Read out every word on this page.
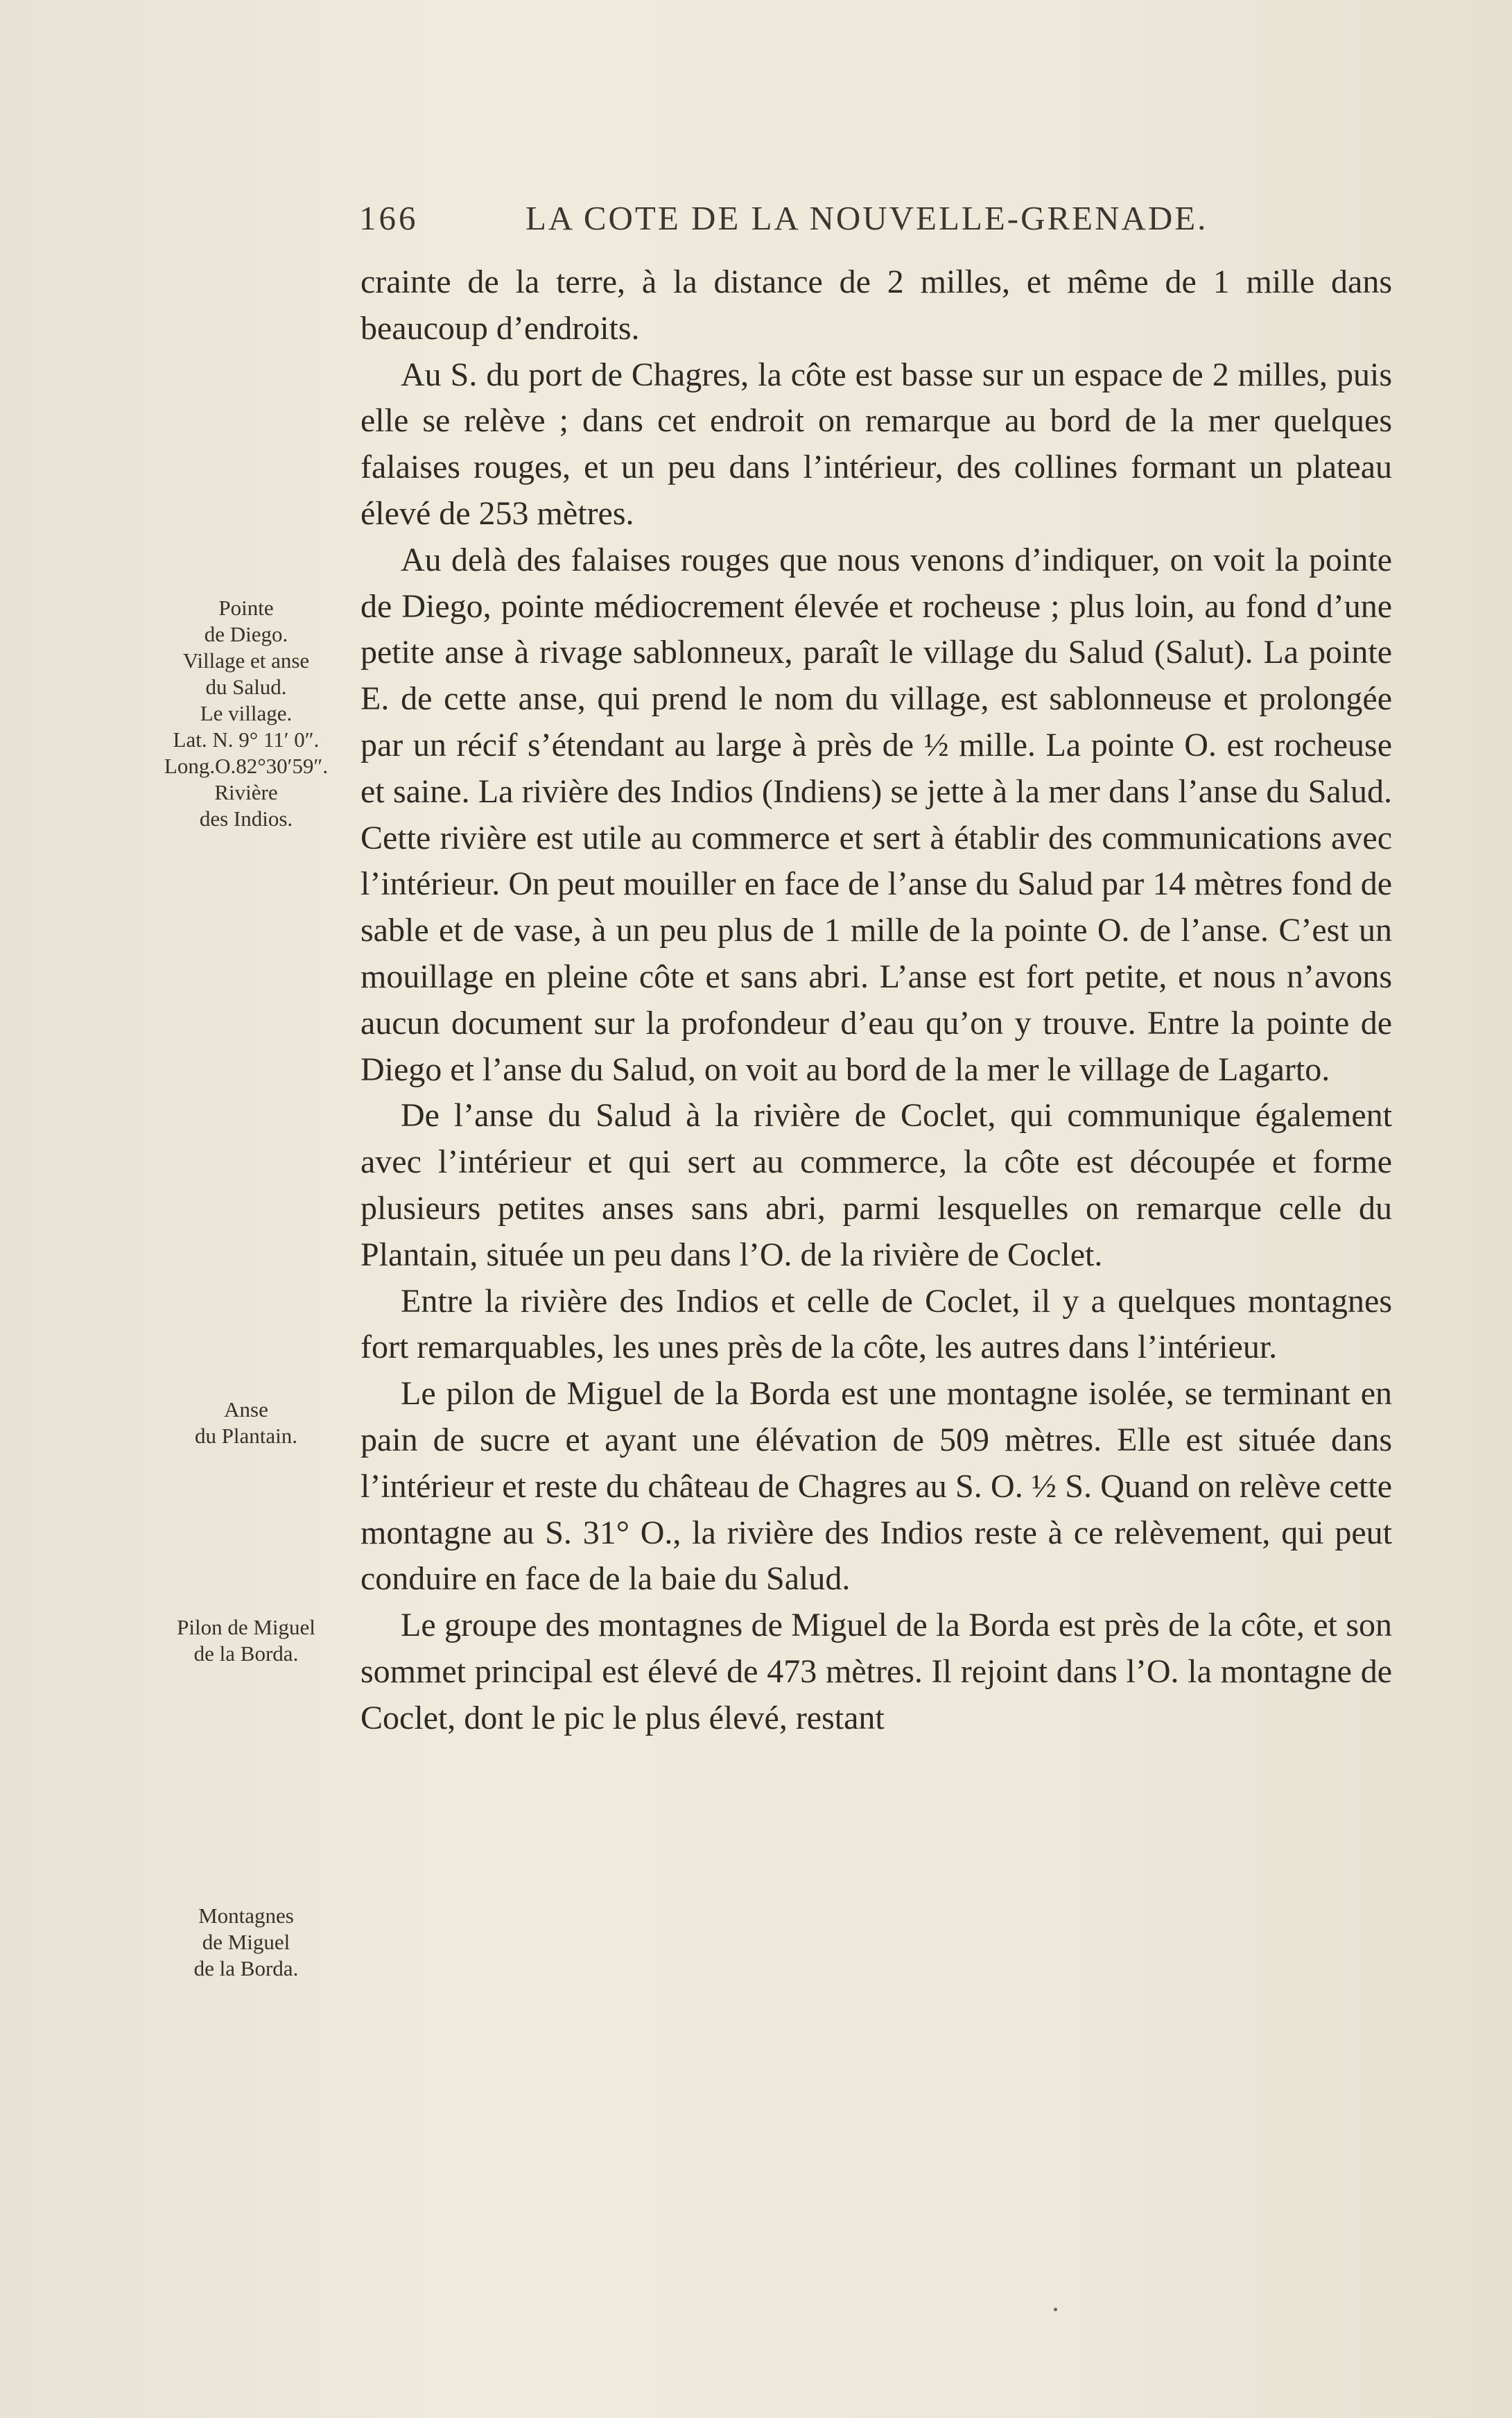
166	LA COTE DE LA NOUVELLE-GRENADE.
Pointe
de Diego.
Village et anse
du Salud.
Le village.
Lat. N. 9° 11′ 0″.
Long.O.82°30′59″.
Rivière
des Indios.
Anse
du Plantain.
Pilon de Miguel
de la Borda.
Montagnes
de Miguel
de la Borda.

crainte de la terre, à la distance de 2 milles, et même de 1 mille dans beaucoup d’endroits.

Au S. du port de Chagres, la côte est basse sur un espace de 2 milles, puis elle se relève ; dans cet endroit on remarque au bord de la mer quelques falaises rouges, et un peu dans l’intérieur, des collines formant un plateau élevé de 253 mètres.

Au delà des falaises rouges que nous venons d’indiquer, on voit la pointe de Diego, pointe médiocrement élevée et rocheuse ; plus loin, au fond d’une petite anse à rivage sablonneux, paraît le village du Salud (Salut). La pointe E. de cette anse, qui prend le nom du village, est sablonneuse et prolongée par un récif s’étendant au large à près de ½ mille. La pointe O. est rocheuse et saine. La rivière des Indios (Indiens) se jette à la mer dans l’anse du Salud. Cette rivière est utile au commerce et sert à établir des communications avec l’intérieur. On peut mouiller en face de l’anse du Salud par 14 mètres fond de sable et de vase, à un peu plus de 1 mille de la pointe O. de l’anse. C’est un mouillage en pleine côte et sans abri. L’anse est fort petite, et nous n’avons aucun document sur la profondeur d’eau qu’on y trouve. Entre la pointe de Diego et l’anse du Salud, on voit au bord de la mer le village de Lagarto.

De l’anse du Salud à la rivière de Coclet, qui communique également avec l’intérieur et qui sert au commerce, la côte est découpée et forme plusieurs petites anses sans abri, parmi lesquelles on remarque celle du Plantain, située un peu dans l’O. de la rivière de Coclet.

Entre la rivière des Indios et celle de Coclet, il y a quelques montagnes fort remarquables, les unes près de la côte, les autres dans l’intérieur.

Le pilon de Miguel de la Borda est une montagne isolée, se terminant en pain de sucre et ayant une élévation de 509 mètres. Elle est située dans l’intérieur et reste du château de Chagres au S. O. ½ S. Quand on relève cette montagne au S. 31° O., la rivière des Indios reste à ce relèvement, qui peut conduire en face de la baie du Salud.

Le groupe des montagnes de Miguel de la Borda est près de la côte, et son sommet principal est élevé de 473 mètres. Il rejoint dans l’O. la montagne de Coclet, dont le pic le plus élevé, restant
